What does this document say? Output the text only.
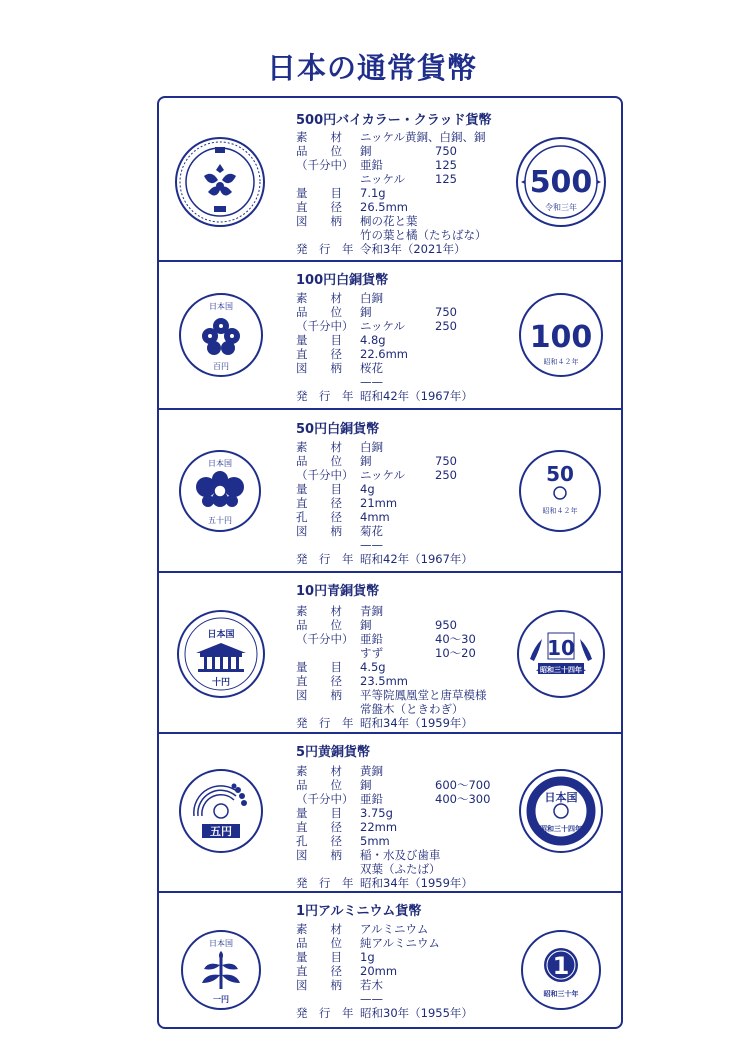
日本の通常貨幣
500円バイカラー・クラッド貨幣
素　　材	ニッケル黄銅、白銅、銅
品　　位	銅	750
（千分中） 亜鉛	125
ニッケル	125
量　　目	7.1g
直　　径	26.5mm
図　　柄	桐の花と葉
竹の葉と橘（たちばな）
発　行　年 令和3年（2021年）
500
令和三年
100円白銅貨幣
素　　材	白銅
品　　位	銅	750
（千分中） ニッケル	250
量　　目	4.8g
直　　径	22.6mm
図　　柄	桜花
——
発　行　年 昭和42年（1967年）
日本国
百円
100
昭和４２年
50円白銅貨幣
素　　材	白銅
品　　位	銅	750
（千分中） ニッケル	250
量　　目	4g
直　　径	21mm
孔　　径	4mm
図　　柄	菊花
——
発　行　年 昭和42年（1967年）
日本国
五十円
50
昭和４２年
10円青銅貨幣
素　　材	青銅
品　　位	銅	950
（千分中） 亜鉛	40〜30
すず	10〜20
量　　目	4.5g
直　　径	23.5mm
図　　柄	平等院鳳凰堂と唐草模様
常盤木（ときわぎ）
発　行　年 昭和34年（1959年）
日本国
十円
10
昭和三十四年
5円黄銅貨幣
素　　材	黄銅
品　　位	銅	600〜700
（千分中） 亜鉛	400〜300
量　　目	3.75g
直　　径	22mm
孔　　径	5mm
図　　柄	稲・水及び歯車
双葉（ふたば）
発　行　年 昭和34年（1959年）
五円
日本国
昭和三十四年
1円アルミニウム貨幣
素　　材	アルミニウム
品　　位	純アルミニウム
量　　目	1g
直　　径	20mm
図　　柄	若木
——
発　行　年 昭和30年（1955年）
日本国
一円
1
昭和三十年
